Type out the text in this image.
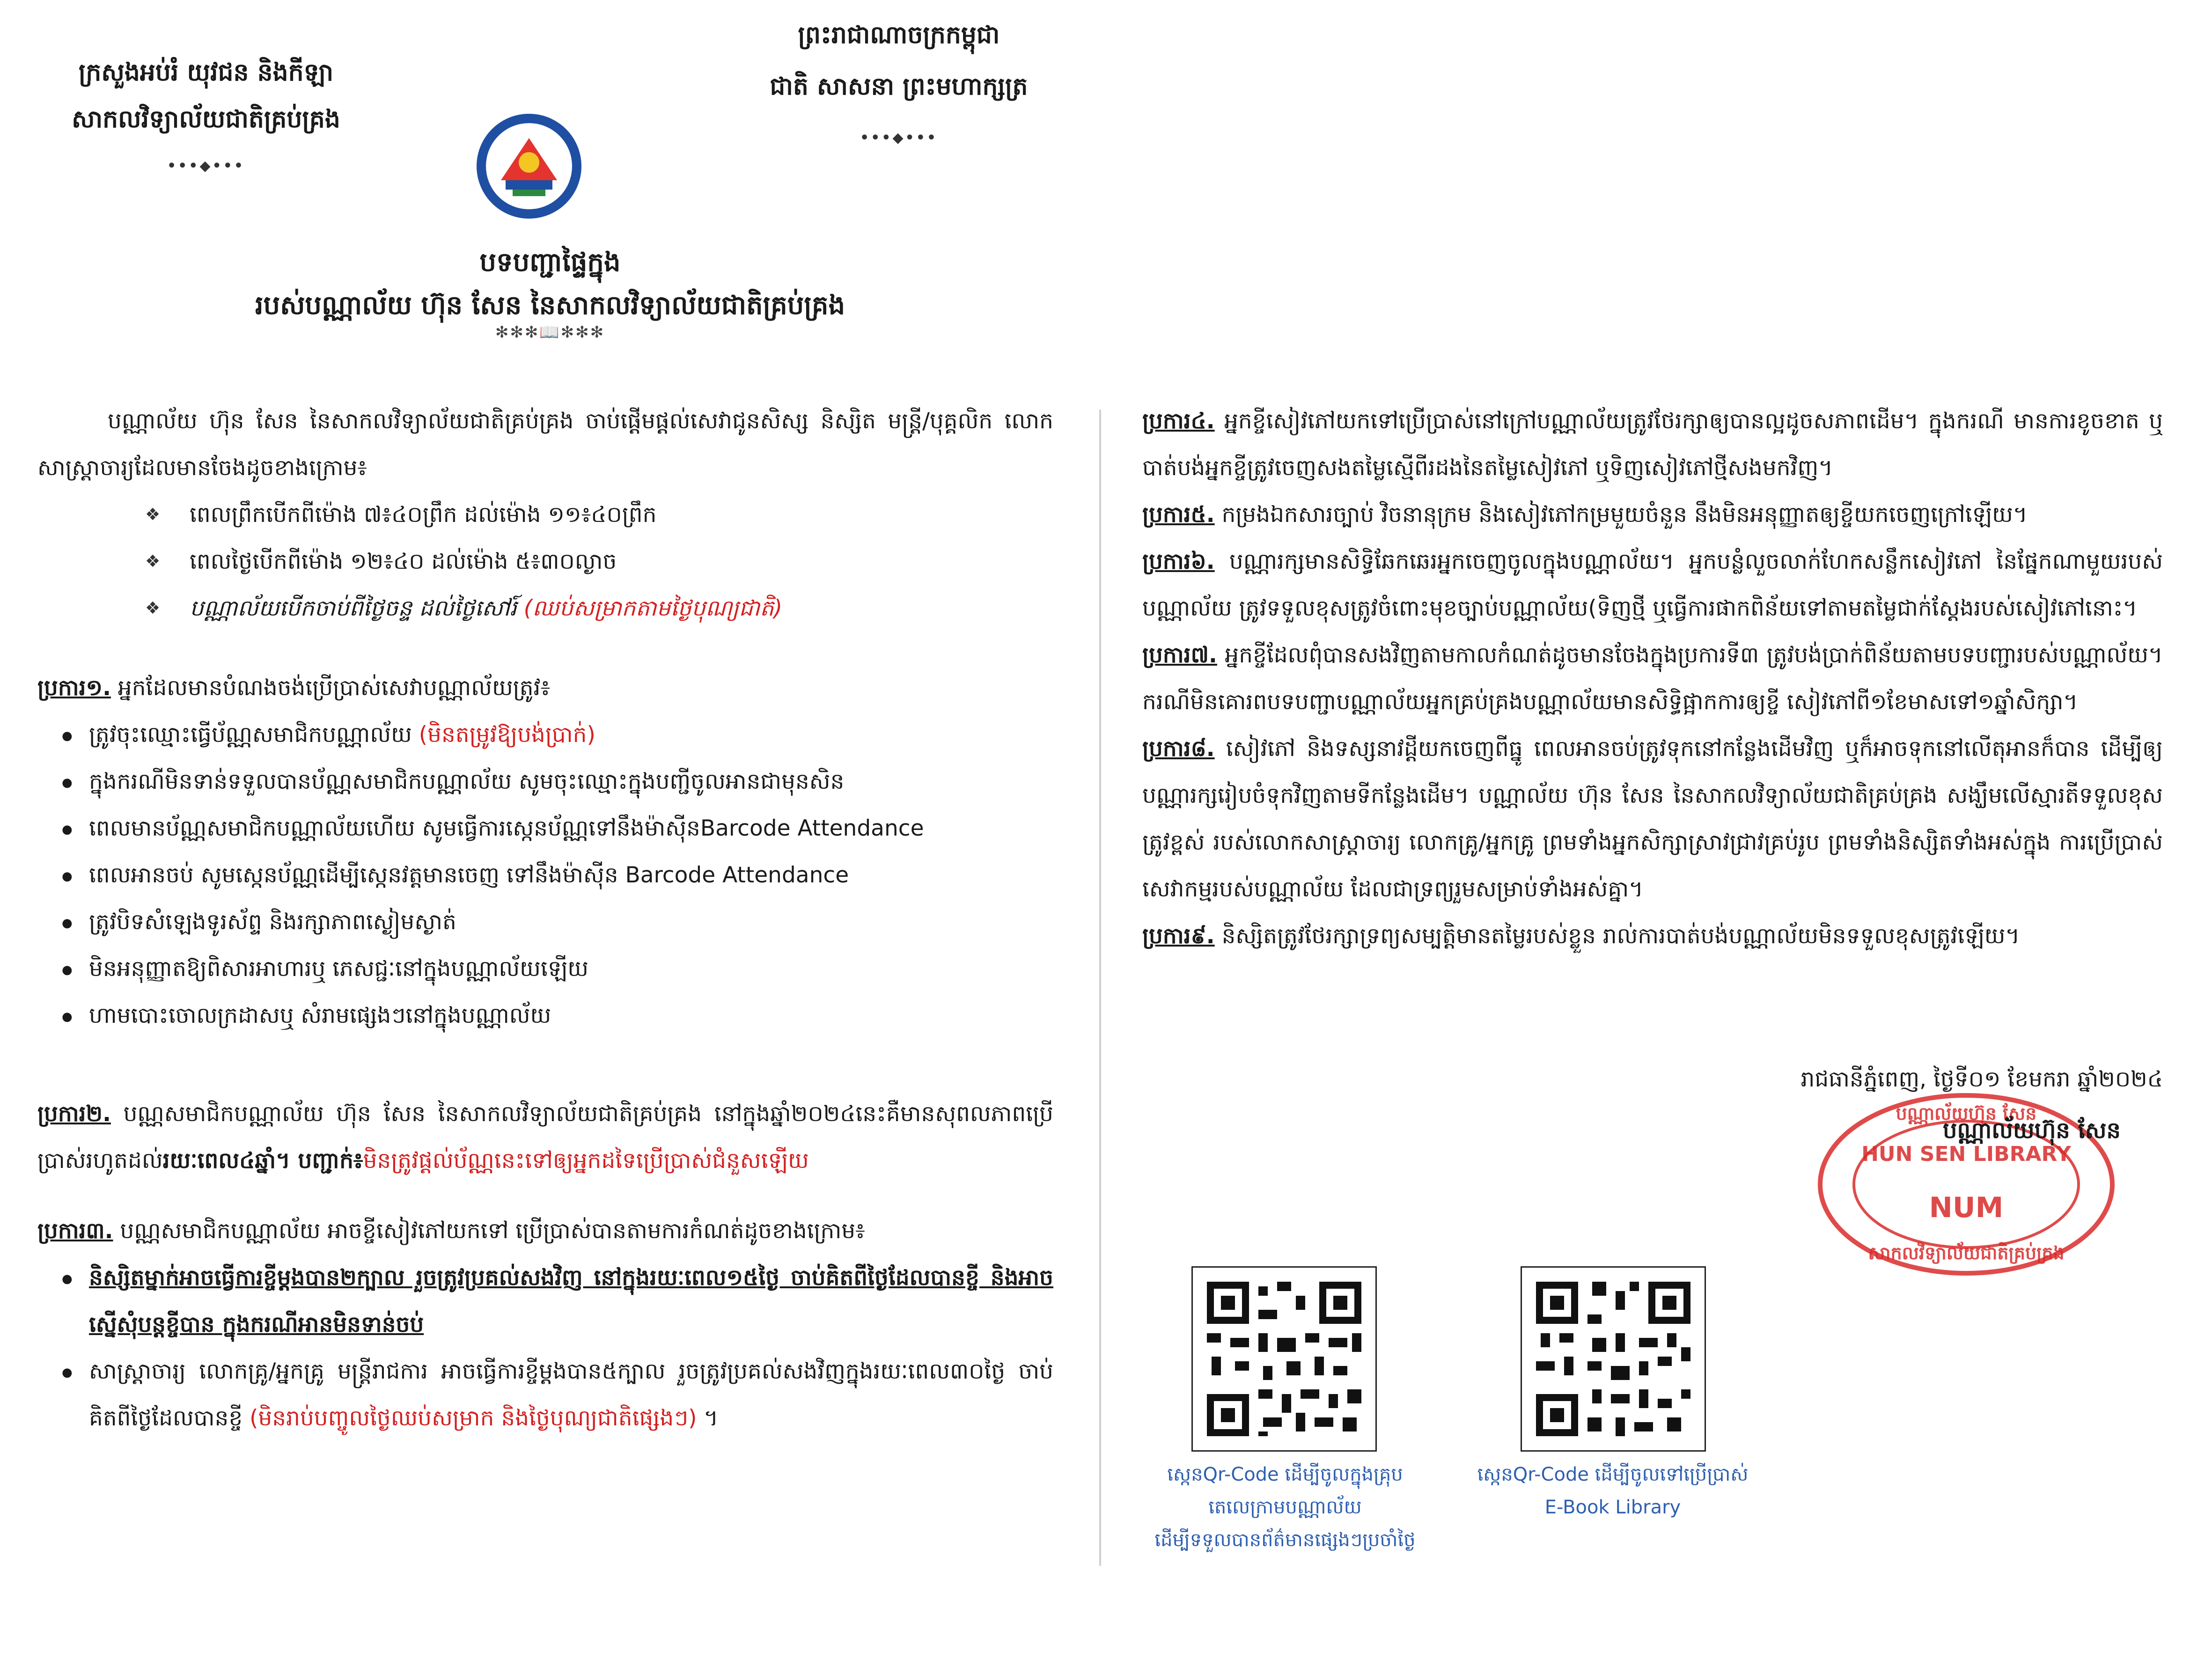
ក្រសួងអប់រំ យុវជន និងកីឡា
សាកលវិទ្យាល័យជាតិគ្រប់គ្រង
•••◆•••
ព្រះរាជាណាចក្រកម្ពុជា
ជាតិ សាសនា ព្រះមហាក្សត្រ
•••◆•••
បទបញ្ជាផ្ទៃក្នុង
របស់បណ្ណាល័យ ហ៊ុន សែន នៃសាកលវិទ្យាល័យជាតិគ្រប់គ្រង
✻✻✻📖✻✻✻

បណ្ណាល័យ ហ៊ុន សែន នៃសាកលវិទ្យាល័យជាតិគ្រប់គ្រង ចាប់ផ្តើមផ្តល់សេវាជូនសិស្ស និស្សិត មន្ត្រី/បុគ្គលិក លោកសាស្ត្រាចារ្យដែលមានចែងដូចខាងក្រោម៖

❖ ពេលព្រឹកបើកពីម៉ោង ៧៖៤០ព្រឹក ដល់ម៉ោង ១១៖៤០ព្រឹក
❖ ពេលថ្ងៃបើកពីម៉ោង ១២៖៤០ ដល់ម៉ោង ៥៖៣០ល្ងាច
❖ បណ្ណាល័យបើកចាប់ពីថ្ងៃចន្ទ ដល់ថ្ងៃសៅរ៍ (ឈប់សម្រាកតាមថ្ងៃបុណ្យជាតិ)

ប្រការ១. អ្នកដែលមានបំណងចង់ប្រើប្រាស់សេវាបណ្ណាល័យត្រូវ៖

● ត្រូវចុះឈ្មោះធ្វើប័ណ្ណសមាជិកបណ្ណាល័យ (មិនតម្រូវឱ្យបង់ប្រាក់)
● ក្នុងករណីមិនទាន់ទទួលបានប័ណ្ណសមាជិកបណ្ណាល័យ សូមចុះឈ្មោះក្នុងបញ្ជីចូលអានជាមុនសិន
● ពេលមានប័ណ្ណសមាជិកបណ្ណាល័យហើយ សូមធ្វើការស្កេនប័ណ្ណទៅនឹងម៉ាស៊ីនBarcode Attendance
● ពេលអានចប់ សូមស្កេនប័ណ្ណដើម្បីស្កេនវត្តមានចេញ ទៅនឹងម៉ាស៊ីន Barcode Attendance
● ត្រូវបិទសំឡេងទូរស័ព្ទ និងរក្សាភាពស្ងៀមស្ងាត់
● មិនអនុញ្ញាតឱ្យពិសារអាហារឬ ភេសជ្ជៈនៅក្នុងបណ្ណាល័យឡើយ
● ហាមបោះចោលក្រដាសឬ សំរាមផ្សេងៗនៅក្នុងបណ្ណាល័យ

ប្រការ២. បណ្ណសមាជិកបណ្ណាល័យ ហ៊ុន សែន នៃសាកលវិទ្យាល័យជាតិគ្រប់គ្រង នៅក្នុងឆ្នាំ២០២៤នេះគឺមានសុពលភាពប្រើប្រាស់រហូតដល់រយៈពេល៤ឆ្នាំ។ បញ្ជាក់៖មិនត្រូវផ្តល់ប័ណ្ណនេះទៅឲ្យអ្នកដទៃប្រើប្រាស់ជំនួសឡើយ

ប្រការ៣. បណ្ណសមាជិកបណ្ណាល័យ អាចខ្ចីសៀវភៅយកទៅ ប្រើប្រាស់បានតាមការកំណត់ដូចខាងក្រោម៖

● និស្សិតម្នាក់អាចធ្វើការខ្ចីម្តងបាន២ក្បាល រួចត្រូវប្រគល់សងវិញ នៅក្នុងរយៈពេល១៥ថ្ងៃ ចាប់គិតពីថ្ងៃដែលបានខ្ចី និងអាចស្នើសុំបន្តខ្ចីបាន ក្នុងករណីអានមិនទាន់ចប់
● សាស្ត្រាចារ្យ លោកគ្រូ/អ្នកគ្រូ មន្ត្រីរាជការ អាចធ្វើការខ្ចីម្តងបាន៥ក្បាល រួចត្រូវប្រគល់សងវិញក្នុងរយៈពេល៣០ថ្ងៃ ចាប់គិតពីថ្ងៃដែលបានខ្ចី (មិនរាប់បញ្ចូលថ្ងៃឈប់សម្រាក និងថ្ងៃបុណ្យជាតិផ្សេងៗ) ។

ប្រការ៤. អ្នកខ្ចីសៀវភៅយកទៅប្រើប្រាស់នៅក្រៅបណ្ណាល័យត្រូវថែរក្សាឲ្យបានល្អដូចសភាពដើម។ ក្នុងករណី មានការខូចខាត ឬបាត់បង់អ្នកខ្ចីត្រូវចេញសងតម្លៃស្មើពីរដងនៃតម្លៃសៀវភៅ ឬទិញសៀវភៅថ្មីសងមកវិញ។

ប្រការ៥. កម្រងឯកសារច្បាប់ វិចនានុក្រម និងសៀវភៅកម្រមួយចំនួន នឹងមិនអនុញ្ញាតឲ្យខ្ចីយកចេញក្រៅឡើយ។

ប្រការ៦. បណ្ណារក្សមានសិទ្ធិឆែកឆេរអ្នកចេញចូលក្នុងបណ្ណាល័យ។ អ្នកបន្លំលួចលាក់ហែកសន្លឹកសៀវភៅ នៃផ្នែកណាមួយរបស់បណ្ណាល័យ ត្រូវទទួលខុសត្រូវចំពោះមុខច្បាប់បណ្ណាល័យ(ទិញថ្មី ឬធ្វើការផាកពិន័យទៅតាមតម្លៃជាក់ស្តែងរបស់សៀវភៅនោះ។

ប្រការ៧. អ្នកខ្ចីដែលពុំបានសងវិញតាមកាលកំណត់ដូចមានចែងក្នុងប្រការទី៣ ត្រូវបង់ប្រាក់ពិន័យតាមបទបញ្ជារបស់បណ្ណាល័យ។ ករណីមិនគោរពបទបញ្ជាបណ្ណាល័យអ្នកគ្រប់គ្រងបណ្ណាល័យមានសិទ្ធិផ្អាកការឲ្យខ្ចី សៀវភៅពី១ខែមាសទៅ១ឆ្នាំសិក្សា។

ប្រការ៨. សៀវភៅ និងទស្សនាវដ្តីយកចេញពីធ្នូ ពេលអានចប់ត្រូវទុកនៅកន្លែងដើមវិញ ឬក៏អាចទុកនៅលើតុអានក៏បាន ដើម្បីឲ្យបណ្ណារក្សរៀបចំទុកវិញតាមទីកន្លែងដើម។ បណ្ណាល័យ ហ៊ុន សែន នៃសាកលវិទ្យាល័យជាតិគ្រប់គ្រង សង្ឃឹមលើស្មារតីទទួលខុសត្រូវខ្ពស់ របស់លោកសាស្ត្រាចារ្យ លោកគ្រូ/អ្នកគ្រូ ព្រមទាំងអ្នកសិក្សាស្រាវជ្រាវគ្រប់រូប ព្រមទាំងនិស្សិតទាំងអស់ក្នុង ការប្រើប្រាស់សេវាកម្មរបស់បណ្ណាល័យ ដែលជាទ្រព្យរួមសម្រាប់ទាំងអស់គ្នា។

ប្រការ៩. និស្សិតត្រូវថែរក្សាទ្រព្យសម្បត្តិមានតម្លៃរបស់ខ្លួន រាល់ការបាត់បង់បណ្ណាល័យមិនទទួលខុសត្រូវឡើយ។

រាជធានីភ្នំពេញ, ថ្ងៃទី០១ ខែមករា ឆ្នាំ២០២៤
HUN SEN LIBRARY
NUM
បណ្ណាល័យហ៊ុន សែន
សាកលវិទ្យាល័យជាតិគ្រប់គ្រង
បណ្ណាល័យហ៊ុន សែន
ស្កេនQr-Code ដើម្បីចូលក្នុងគ្រុប
តេលេក្រាមបណ្ណាល័យ
ដើម្បីទទួលបានព័ត៌មានផ្សេងៗប្រចាំថ្ងៃ
ស្កេនQr-Code ដើម្បីចូលទៅប្រើប្រាស់
E-Book Library
